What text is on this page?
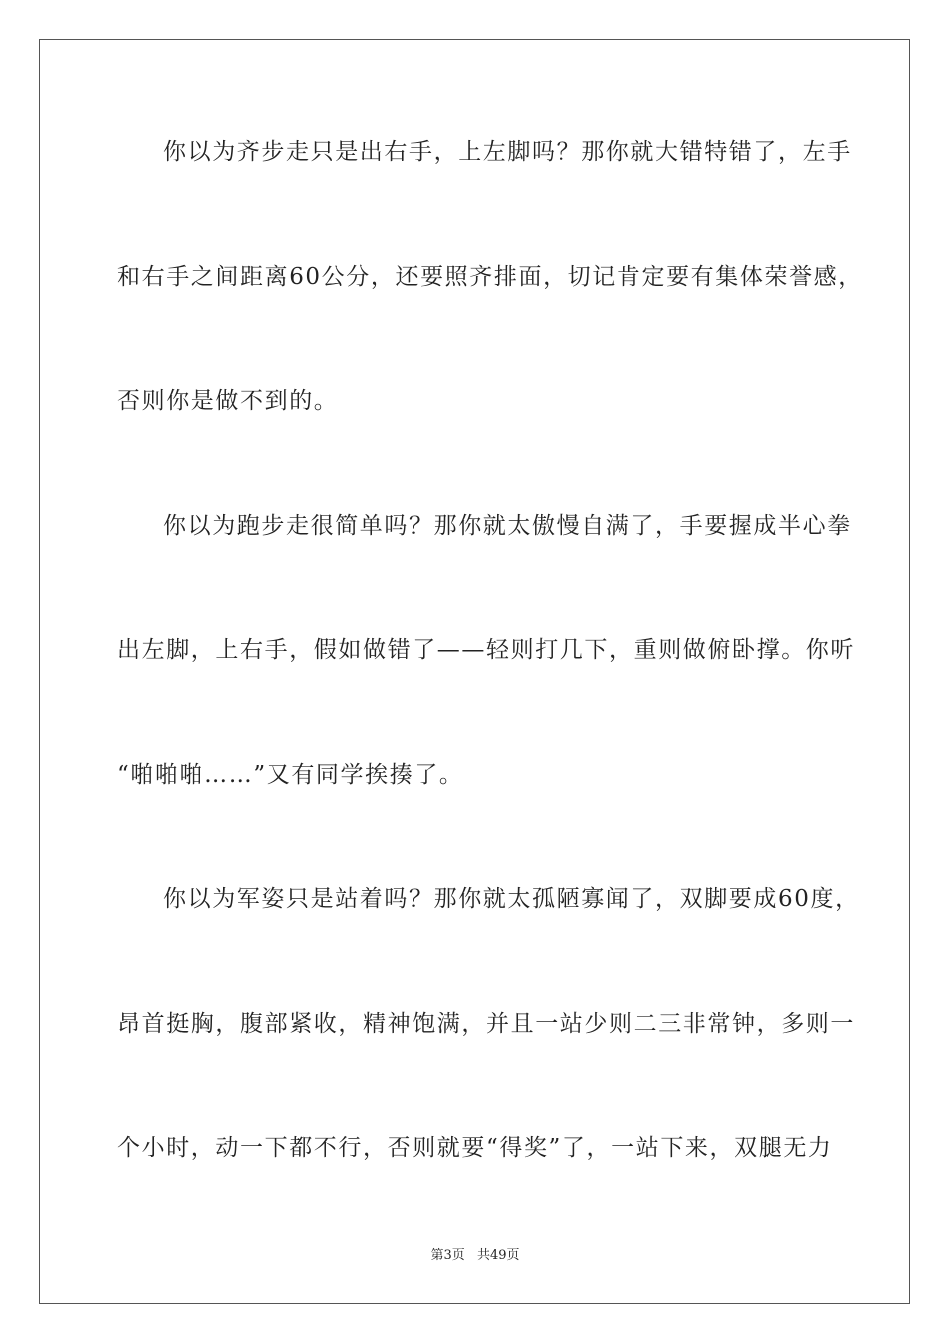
你以为齐步走只是出右手，上左脚吗？那你就大错特错了，左手
和右手之间距离60公分，还要照齐排面，切记肯定要有集体荣誉感，
否则你是做不到的。
你以为跑步走很简单吗？那你就太傲慢自满了，手要握成半心拳
出左脚，上右手，假如做错了——轻则打几下，重则做俯卧撑。你听
“啪啪啪……”又有同学挨揍了。
你以为军姿只是站着吗？那你就太孤陋寡闻了，双脚要成60度，
昂首挺胸，腹部紧收，精神饱满，并且一站少则二三非常钟，多则一
个小时，动一下都不行，否则就要“得奖”了，一站下来，双腿无力
第3页 共49页
